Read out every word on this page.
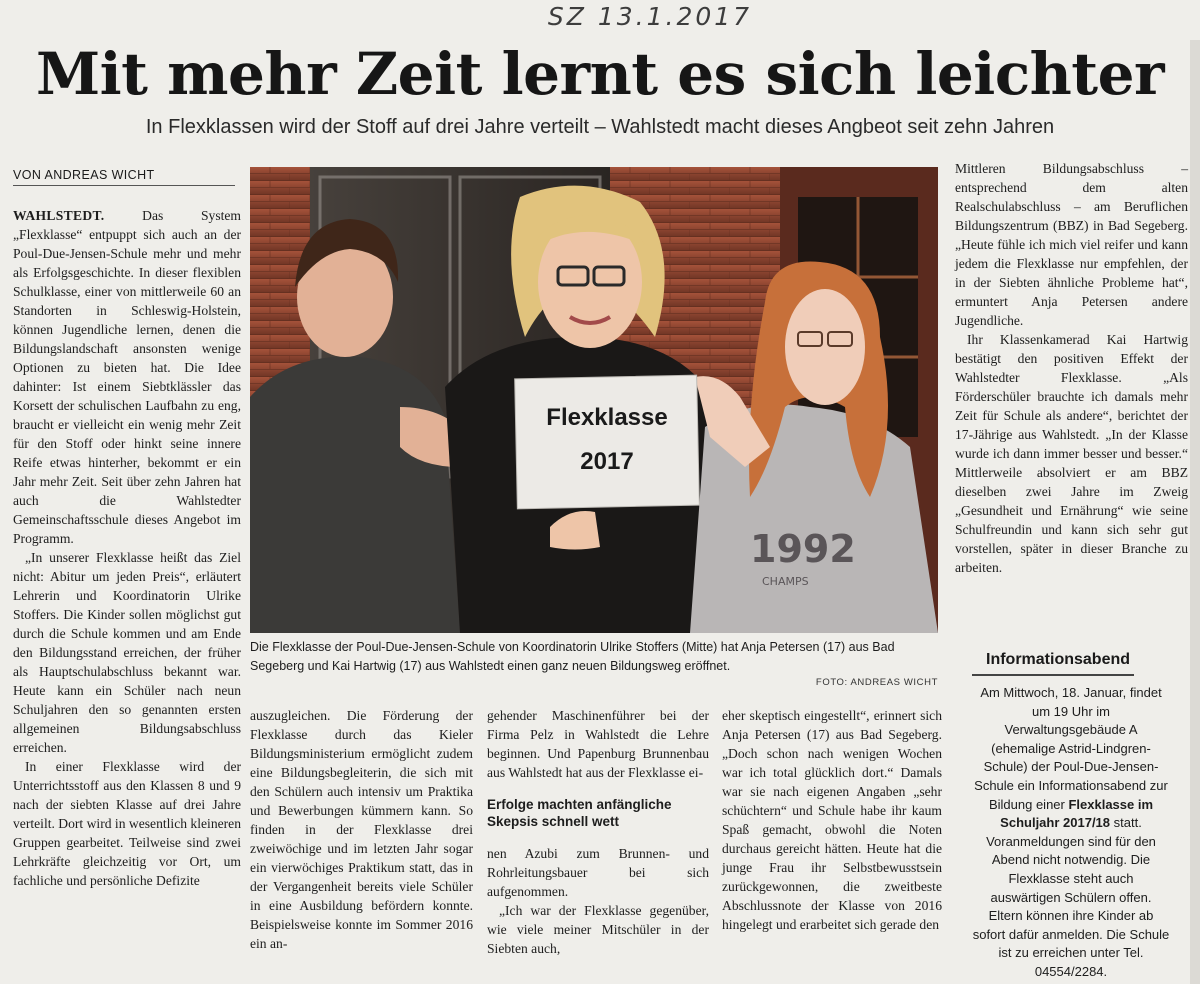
SZ 13.1.2017
Mit mehr Zeit lernt es sich leichter
In Flexklassen wird der Stoff auf drei Jahre verteilt – Wahlstedt macht dieses Angbeot seit zehn Jahren
VON ANDREAS WICHT

WAHLSTEDT.	Das System „Flexklasse“ entpuppt sich auch an der Poul-Due-Jensen-Schule mehr und mehr als Erfolgsgeschichte. In dieser flexiblen Schulklasse, einer von mittlerweile 60 an Standorten in Schleswig-Holstein, können Jugendliche lernen, denen die Bildungslandschaft ansonsten wenige Optionen zu bieten hat. Die Idee dahinter: Ist einem Siebtklässler das Korsett der schulischen Laufbahn zu eng, braucht er vielleicht ein wenig mehr Zeit für den Stoff oder hinkt seine innere Reife etwas hinterher, bekommt er ein Jahr mehr Zeit. Seit über zehn Jahren hat auch die Wahlstedter Gemeinschaftsschule dieses Angebot im Programm.

„In unserer Flexklasse heißt das Ziel nicht: Abitur um jeden Preis“, erläutert Lehrerin und Koordinatorin Ulrike Stoffers. Die Kinder sollen möglichst gut durch die Schule kommen und am Ende den Bildungsstand erreichen, der früher als Hauptschulabschluss bekannt war. Heute kann ein Schüler nach neun Schuljahren den so genannten ersten allgemeinen Bildungsabschluss erreichen.

In einer Flexklasse wird der Unterrichtsstoff aus den Klassen 8 und 9 nach der siebten Klasse auf drei Jahre verteilt. Dort wird in wesentlich kleineren Gruppen gearbeitet. Teilweise sind zwei Lehrkräfte gleichzeitig vor Ort, um fachliche und persönliche Defizite

1992
CHAMPS
Flexklasse
2017
Die Flexklasse der Poul-Due-Jensen-Schule von Koordinatorin Ulrike Stoffers (Mitte) hat Anja Petersen (17) aus Bad Segeberg und Kai Hartwig (17) aus Wahlstedt einen ganz neuen Bildungsweg eröffnet.
FOTO: ANDREAS WICHT

auszugleichen. Die Förderung der Flexklasse durch das Kieler Bildungsministerium ermöglicht zudem eine Bildungsbegleiterin, die sich mit den Schülern auch intensiv um Praktika und Bewerbungen kümmern kann. So finden in der Flexklasse drei zweiwöchige und im letzten Jahr sogar ein vierwöchiges Praktikum statt, das in der Vergangenheit bereits viele Schüler in eine Ausbildung befördern konnte. Beispielsweise konnte im Sommer 2016 ein an-

gehender Maschinenführer bei der Firma Pelz in Wahlstedt die Lehre beginnen. Und Papenburg Brunnenbau aus Wahlstedt hat aus der Flexklasse ei-

Erfolge machten anfängliche Skepsis schnell wett

nen Azubi zum Brunnen- und Rohrleitungsbauer bei sich aufgenommen.

„Ich war der Flexklasse gegenüber, wie viele meiner Mitschüler in der Siebten auch,

eher skeptisch eingestellt“, erinnert sich Anja Petersen (17) aus Bad Segeberg. „Doch schon nach wenigen Wochen war ich total glücklich dort.“ Damals war sie nach eigenen Angaben „sehr schüchtern“ und Schule habe ihr kaum Spaß gemacht, obwohl die Noten durchaus gereicht hätten. Heute hat die junge Frau ihr Selbstbewusstsein zurückgewonnen, die zweitbeste Abschlussnote der Klasse von 2016 hingelegt und erarbeitet sich gerade den

Mittleren Bildungsabschluss – entsprechend dem alten Realschulabschluss – am Beruflichen Bildungszentrum (BBZ) in Bad Segeberg. „Heute fühle ich mich viel reifer und kann jedem die Flexklasse nur empfehlen, der in der Siebten ähnliche Probleme hat“, ermuntert Anja Petersen andere Jugendliche.

Ihr Klassenkamerad Kai Hartwig bestätigt den positiven Effekt der Wahlstedter Flexklasse. „Als Förderschüler brauchte ich damals mehr Zeit für Schule als andere“, berichtet der 17-Jährige aus Wahlstedt. „In der Klasse wurde ich dann immer besser und besser.“ Mittlerweile absolviert er am BBZ dieselben zwei Jahre im Zweig „Gesundheit und Ernährung“ wie seine Schulfreundin und kann sich sehr gut vorstellen, später in dieser Branche zu arbeiten.

Informationsabend
Am Mittwoch, 18. Januar, findet um 19 Uhr im Verwaltungsgebäude A (ehemalige Astrid-Lindgren-Schule) der Poul-Due-Jensen-Schule ein Informationsabend zur Bildung einer Flexklasse im Schuljahr 2017/18 statt. Voranmeldungen sind für den Abend nicht notwendig. Die Flexklasse steht auch auswärtigen Schülern offen. Eltern können ihre Kinder ab sofort dafür anmelden. Die Schule ist zu erreichen unter Tel. 04554/2284.
